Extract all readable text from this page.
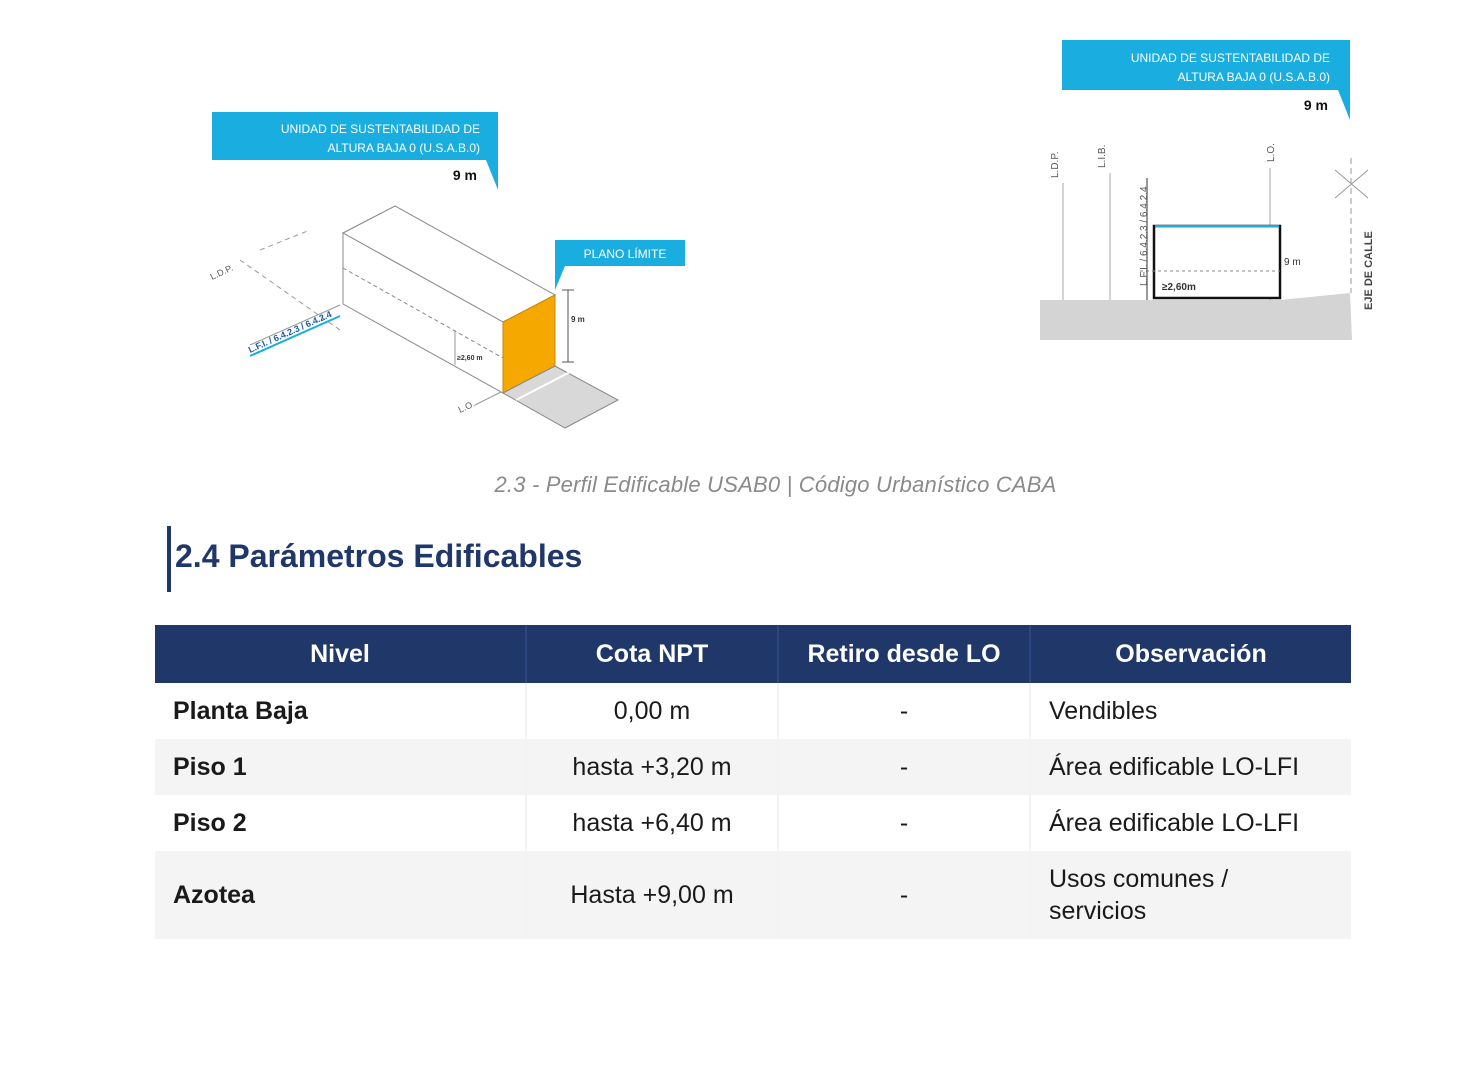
UNIDAD DE SUSTENTABILIDAD DE
ALTURA BAJA 0 (U.S.A.B.0)
9 m
PLANO LÍMITE
9 m
≥2,60 m
L.D.P.
L.F.I. / 6.4.2.3 / 6.4.2.4
L.O.
UNIDAD DE SUSTENTABILIDAD DE
ALTURA BAJA 0 (U.S.A.B.0)
9 m
≥2,60m
9 m
L.D.P.	L.I.B.
L.F.I. / 6.4.2.3 / 6.4.2.4
L.O.
EJE DE CALLE
2.3 - Perfil Edificable USAB0 | Código Urbanístico CABA
2.4 Parámetros Edificables
Nivel	Cota NPT	Retiro desde LO	Observación
Planta Baja	0,00 m	-	Vendibles
Piso 1	hasta +3,20 m	-	Área edificable LO-LFI
Piso 2	hasta +6,40 m	-	Área edificable LO-LFI
Azotea	Hasta +9,00 m	-	Usos comunes /
servicios
